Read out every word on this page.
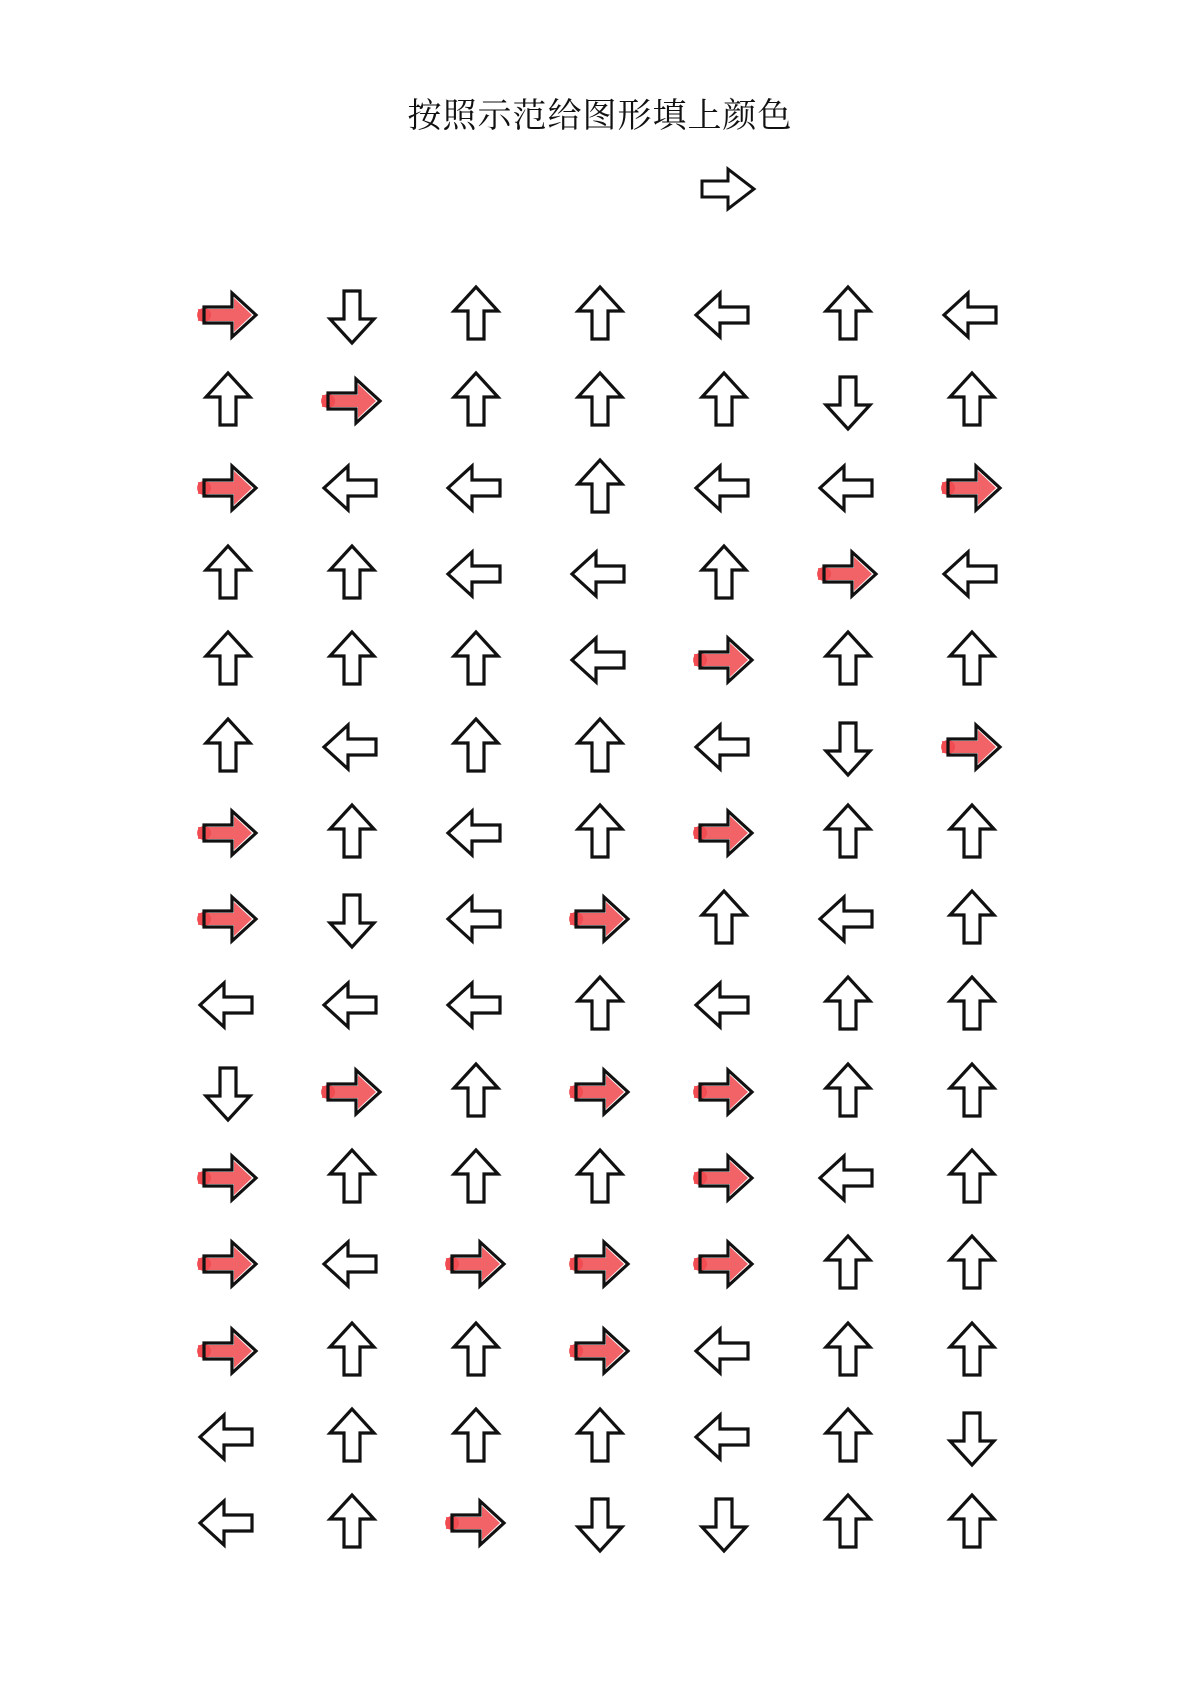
按照示范给图形填上颜色
